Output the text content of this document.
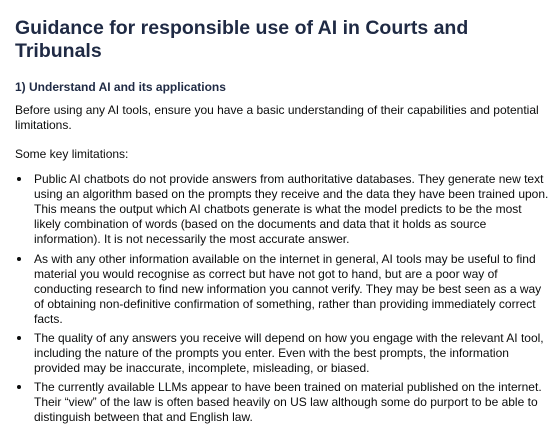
Guidance for responsible use of AI in Courts and Tribunals
1) Understand AI and its applications

Before using any AI tools, ensure you have a basic understanding of their capabilities and potential limitations.

Some key limitations:

Public AI chatbots do not provide answers from authoritative databases. They generate new text using an algorithm based on the prompts they receive and the data they have been trained upon. This means the output which AI chatbots generate is what the model predicts to be the most likely combination of words (based on the documents and data that it holds as source information). It is not necessarily the most accurate answer.

As with any other information available on the internet in general, AI tools may be useful to find material you would recognise as correct but have not got to hand, but are a poor way of conducting research to find new information you cannot verify. They may be best seen as a way of obtaining non-definitive confirmation of something, rather than providing immediately correct facts.

The quality of any answers you receive will depend on how you engage with the relevant AI tool, including the nature of the prompts you enter. Even with the best prompts, the information provided may be inaccurate, incomplete, misleading, or biased.

The currently available LLMs appear to have been trained on material published on the internet. Their “view” of the law is often based heavily on US law although some do purport to be able to distinguish between that and English law.
